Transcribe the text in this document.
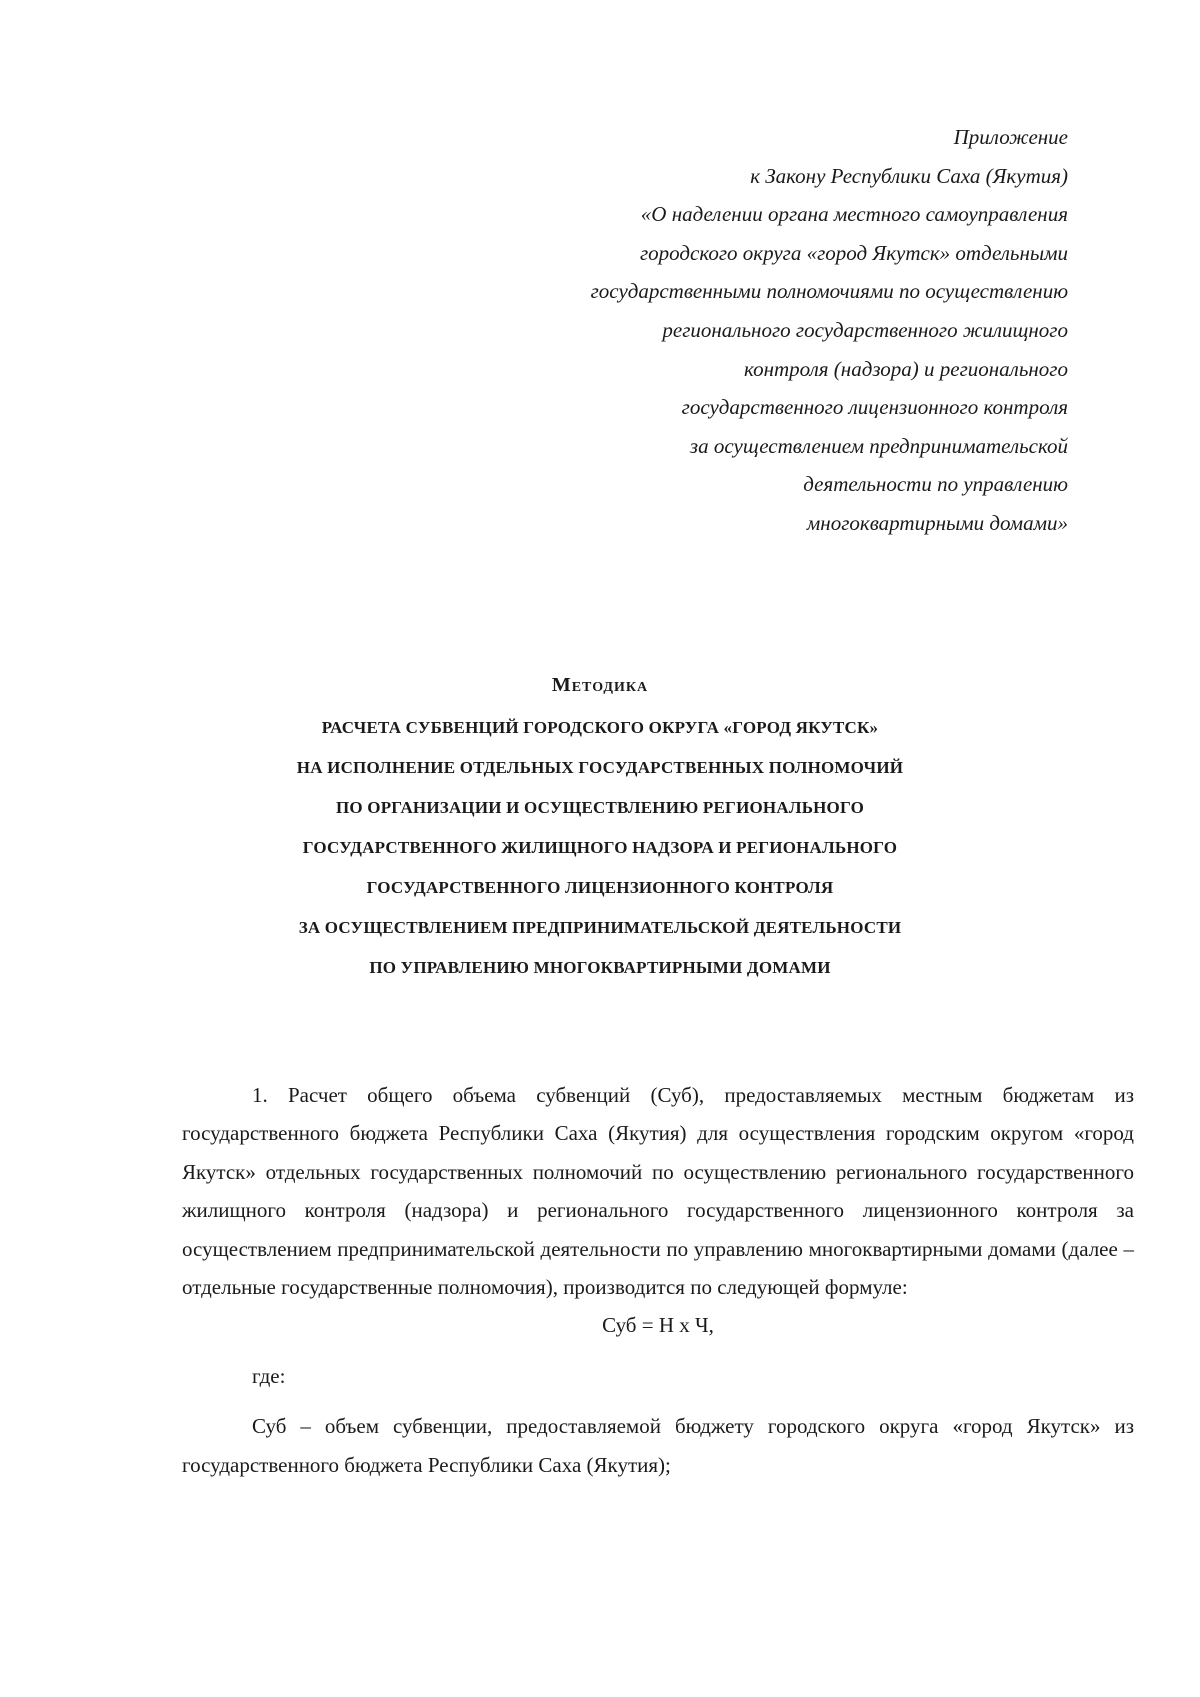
Приложение
к Закону Республики Саха (Якутия)
«О наделении органа местного самоуправления
городского округа «город Якутск» отдельными
государственными полномочиями по осуществлению
регионального государственного жилищного
контроля (надзора) и регионального
государственного лицензионного контроля
за осуществлением предпринимательской
деятельности по управлению
многоквартирными домами»
Методика
РАСЧЕТА СУБВЕНЦИЙ ГОРОДСКОГО ОКРУГА «ГОРОД ЯКУТСК»
НА ИСПОЛНЕНИЕ ОТДЕЛЬНЫХ ГОСУДАРСТВЕННЫХ ПОЛНОМОЧИЙ
ПО ОРГАНИЗАЦИИ И ОСУЩЕСТВЛЕНИЮ РЕГИОНАЛЬНОГО
ГОСУДАРСТВЕННОГО ЖИЛИЩНОГО НАДЗОРА И РЕГИОНАЛЬНОГО
ГОСУДАРСТВЕННОГО ЛИЦЕНЗИОННОГО КОНТРОЛЯ
ЗА ОСУЩЕСТВЛЕНИЕМ ПРЕДПРИНИМАТЕЛЬСКОЙ ДЕЯТЕЛЬНОСТИ
ПО УПРАВЛЕНИЮ МНОГОКВАРТИРНЫМИ ДОМАМИ

1. Расчет общего объема субвенций (Суб), предоставляемых местным бюджетам из государственного бюджета Республики Саха (Якутия) для осуществления городским округом «город Якутск» отдельных государственных полномочий по осуществлению регионального государственного жилищного контроля (надзора) и регионального государственного лицензионного контроля за осуществлением предпринимательской деятельности по управлению многоквартирными домами (далее – отдельные государственные полномочия), производится по следующей формуле:

Суб = Н х Ч,

где:

Суб – объем субвенции, предоставляемой бюджету городского округа «город Якутск» из государственного бюджета Республики Саха (Якутия);
